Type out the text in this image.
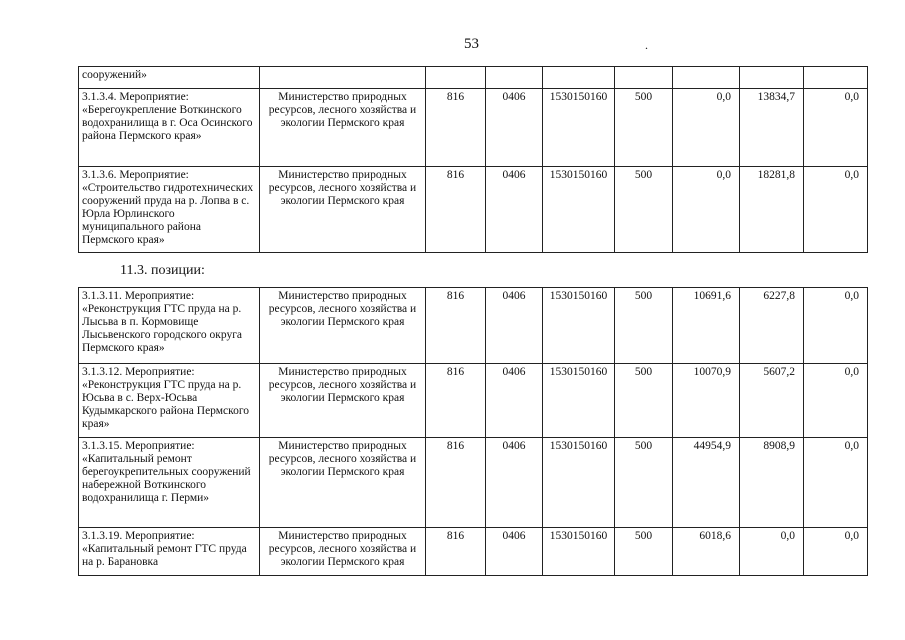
53	.
сооружений»								
3.1.3.4. Мероприятие: «Берегоукрепление Воткинского водохранилища в г. Оса Осинского района Пермского края»	Министерство природных ресурсов, лесного хозяйства и экологии Пермского края	816	0406	1530150160	500	0,0	13834,7	0,0
3.1.3.6. Мероприятие: «Строительство гидротехнических сооружений пруда на р. Лопва в с. Юрла Юрлинского муниципального района Пермского края»	Министерство природных ресурсов, лесного хозяйства и экологии Пермского края	816	0406	1530150160	500	0,0	18281,8	0,0
11.3. позиции:
3.1.3.11. Мероприятие: «Реконструкция ГТС пруда на р. Лысьва в п. Кормовище Лысьвенского городского округа Пермского края»	Министерство природных ресурсов, лесного хозяйства и экологии Пермского края	816	0406	1530150160	500	10691,6	6227,8	0,0
3.1.3.12. Мероприятие: «Реконструкция ГТС пруда на р. Юсьва в с. Верх-Юсьва Кудымкарского района Пермского края»	Министерство природных ресурсов, лесного хозяйства и экологии Пермского края	816	0406	1530150160	500	10070,9	5607,2	0,0
3.1.3.15. Мероприятие: «Капитальный ремонт берегоукрепительных сооружений набережной Воткинского водохранилища г. Перми»	Министерство природных ресурсов, лесного хозяйства и экологии Пермского края	816	0406	1530150160	500	44954,9	8908,9	0,0
3.1.3.19. Мероприятие: «Капитальный ремонт ГТС пруда на р. Барановка	Министерство природных ресурсов, лесного хозяйства и экологии Пермского края	816	0406	1530150160	500	6018,6	0,0	0,0
